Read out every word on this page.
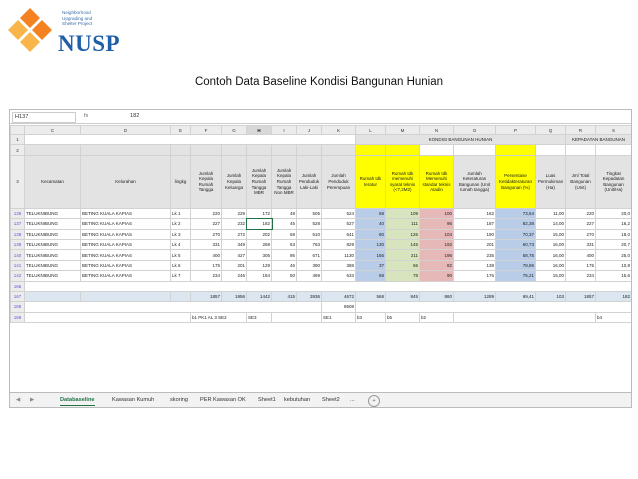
Neighborhood
Upgrading and
Shelter Project
NUSP
Contoh Data Baseline Kondisi Bangunan Hunian
H137	fx	182
	C	D	E	F	G	H	I	J	K	L	M	N	O	P	Q	R	S
1										KONDISI BANGUNAN HUNIAN						KEPADATAN BANGUNAN	
2																	
3	Kecamatan	Kelurahan	lingkg	Jumlah Kepala Rumah Tangga	Jumlah Kepala Keluarga	Jumlah Kepala Rumah Tangga MBR	Jumlah Kepala Rumah Tangga Non MBR	Jumlah Penduduk Laki-Laki	Jumlah Penduduk Perempuan	Rumah tdk teratur	Rumah tdk memenuhi syarat teknis (<7,2M2)	Rumah tdk Memenuhi standar teknis Atadin	Jumlah Keteraturan Bangunan (Unit rumah tangga)	Persentase Ketidakteraturan Bangunan (%)	Luas Permukiman (Ha)	Jml Total Bangunan (Unit)	Tingkat Kepadatan Bangunan (Unit/Ha)
136	TELUKNIBUNG	BETING KUALA KAPIAS	Lk 1	220	229	172	48	505	524	58	109	100	162	73,64	11,00	220	20,0
137	TELUKNIBUNG	BETING KUALA KAPIAS	Lk 2	227	232	182	45	528	527	40	111	96	187	82,38	14,00	227	16,2
138	TELUKNIBUNG	BETING KUALA KAPIAS	Lk 3	270	272	202	68	610	641	80	126	104	190	70,37	15,00	270	18,0
139	TELUKNIBUNG	BETING KUALA KAPIAS	Lk 4	331	349	268	63	763	829	130	145	192	201	60,73	16,00	331	20,7
140	TELUKNIBUNG	BETING KUALA KAPIAS	Lk 5	400	427	305	95	671	1130	165	211	196	235	58,75	16,00	400	25,0
141	TELUKNIBUNG	BETING KUALA KAPIAS	Lk 6	175	201	129	46	390	388	37	65	82	138	78,86	16,00	175	10,9
142	TELUKNIBUNG	BETING KUALA KAPIAS	Lk 7	234	246	184	50	469	633	58	78	90	176	75,21	15,00	234	15,6
166																	
167				1857	1956	1442	415	3936	4672	568	845	860	1289	69,41	103	1857	182
168									8608								
169				b1 PK1 AL 3 SE2		SE3			SE1	b3	b5	b2					b4
◀ ▶	Databaseline	Kawasan Kumuh	skoring PER Kawasan OK Sheet1 kebutuhan Sheet2 ...	+
